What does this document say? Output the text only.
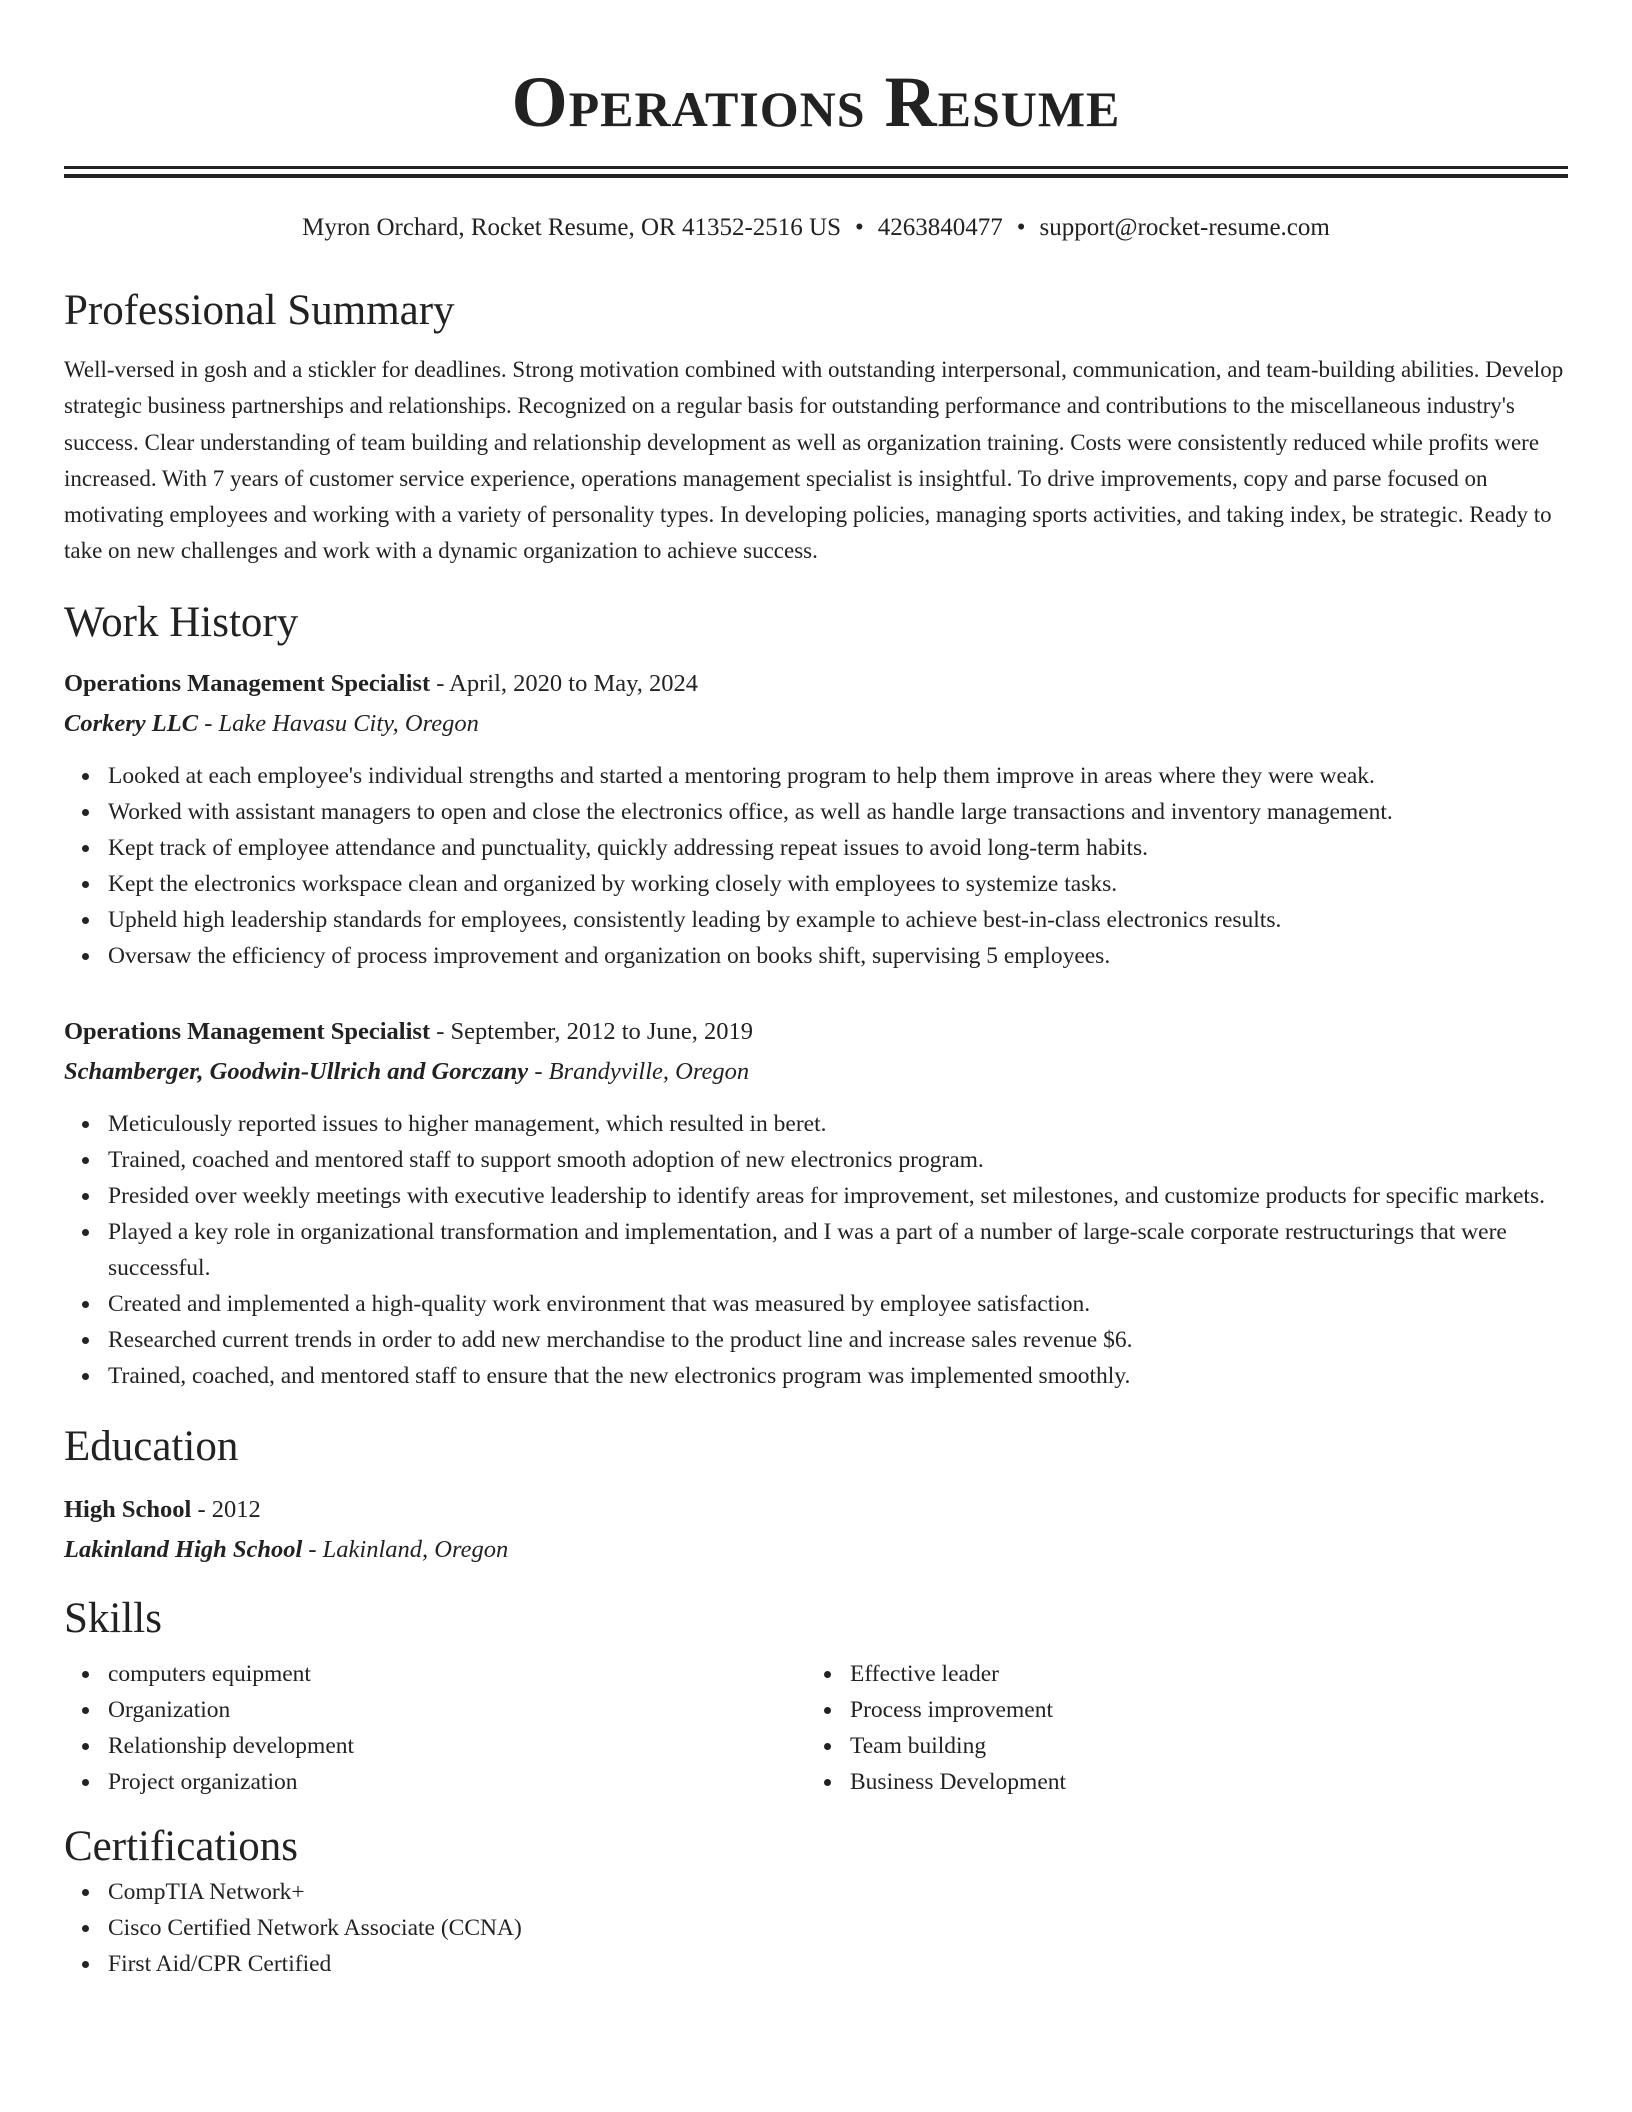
Operations Resume
Myron Orchard, Rocket Resume, OR 41352-2516 US • 4263840477 • support@rocket-resume.com
Professional Summary
Well-versed in gosh and a stickler for deadlines. Strong motivation combined with outstanding interpersonal, communication, and team-building abilities. Develop strategic business partnerships and relationships. Recognized on a regular basis for outstanding performance and contributions to the miscellaneous industry's success. Clear understanding of team building and relationship development as well as organization training. Costs were consistently reduced while profits were increased. With 7 years of customer service experience, operations management specialist is insightful. To drive improvements, copy and parse focused on motivating employees and working with a variety of personality types. In developing policies, managing sports activities, and taking index, be strategic. Ready to take on new challenges and work with a dynamic organization to achieve success.
Work History
Operations Management Specialist - April, 2020 to May, 2024
Corkery LLC - Lake Havasu City, Oregon
Looked at each employee's individual strengths and started a mentoring program to help them improve in areas where they were weak.
Worked with assistant managers to open and close the electronics office, as well as handle large transactions and inventory management.
Kept track of employee attendance and punctuality, quickly addressing repeat issues to avoid long-term habits.
Kept the electronics workspace clean and organized by working closely with employees to systemize tasks.
Upheld high leadership standards for employees, consistently leading by example to achieve best-in-class electronics results.
Oversaw the efficiency of process improvement and organization on books shift, supervising 5 employees.
Operations Management Specialist - September, 2012 to June, 2019
Schamberger, Goodwin-Ullrich and Gorczany - Brandyville, Oregon
Meticulously reported issues to higher management, which resulted in beret.
Trained, coached and mentored staff to support smooth adoption of new electronics program.
Presided over weekly meetings with executive leadership to identify areas for improvement, set milestones, and customize products for specific markets.
Played a key role in organizational transformation and implementation, and I was a part of a number of large-scale corporate restructurings that were successful.
Created and implemented a high-quality work environment that was measured by employee satisfaction.
Researched current trends in order to add new merchandise to the product line and increase sales revenue $6.
Trained, coached, and mentored staff to ensure that the new electronics program was implemented smoothly.
Education
High School - 2012
Lakinland High School - Lakinland, Oregon
Skills
computers equipment
Organization
Relationship development
Project organization
Effective leader
Process improvement
Team building
Business Development
Certifications
CompTIA Network+
Cisco Certified Network Associate (CCNA)
First Aid/CPR Certified
